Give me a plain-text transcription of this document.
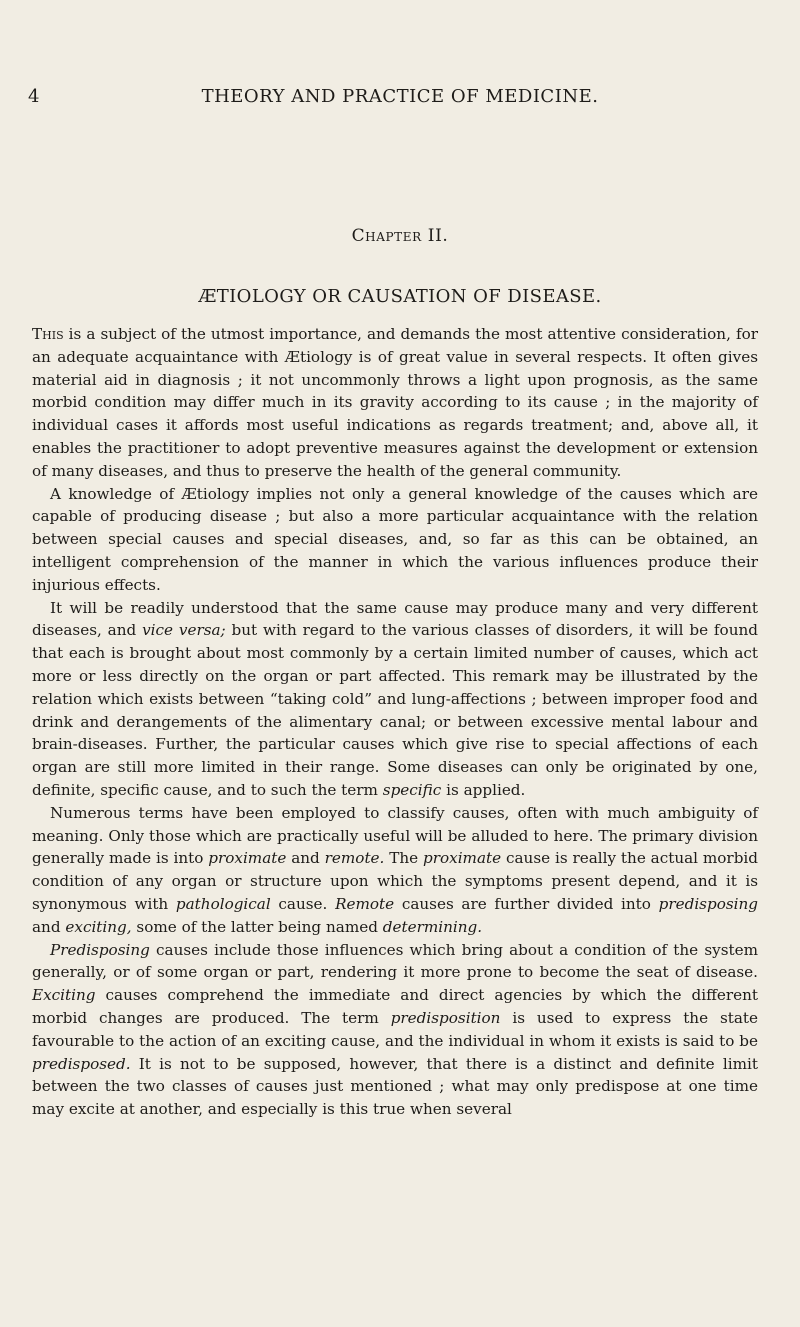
4	THEORY AND PRACTICE OF MEDICINE.
Chapter II.
ÆTIOLOGY OR CAUSATION OF DISEASE.

This is a subject of the utmost importance, and demands the most attentive consideration, for an adequate acquaintance with Ætiology is of great value in several respects. It often gives material aid in diagnosis ; it not uncommonly throws a light upon prognosis, as the same morbid condition may differ much in its gravity according to its cause ; in the majority of individual cases it affords most useful indications as regards treatment; and, above all, it enables the practitioner to adopt preventive measures against the development or extension of many diseases, and thus to preserve the health of the general community.

A knowledge of Ætiology implies not only a general knowledge of the causes which are capable of producing disease ; but also a more particular acquaintance with the relation between special causes and special diseases, and, so far as this can be obtained, an intelligent comprehension of the manner in which the various influences produce their injurious effects.

It will be readily understood that the same cause may produce many and very different diseases, and vice versa; but with regard to the various classes of disorders, it will be found that each is brought about most commonly by a certain limited number of causes, which act more or less directly on the organ or part affected. This remark may be illustrated by the relation which exists between “taking cold” and lung-affections ; between improper food and drink and derangements of the alimentary canal; or between excessive mental labour and brain-diseases. Further, the particular causes which give rise to special affections of each organ are still more limited in their range. Some diseases can only be originated by one, definite, specific cause, and to such the term specific is applied.

Numerous terms have been employed to classify causes, often with much ambiguity of meaning. Only those which are practically useful will be alluded to here. The primary division generally made is into proximate and remote. The proximate cause is really the actual morbid condition of any organ or structure upon which the symptoms present depend, and it is synonymous with pathological cause. Remote causes are further divided into predisposing and exciting, some of the latter being named determining.

Predisposing causes include those influences which bring about a condition of the system generally, or of some organ or part, rendering it more prone to become the seat of disease. Exciting causes comprehend the immediate and direct agencies by which the different morbid changes are produced. The term predisposition is used to express the state favourable to the action of an exciting cause, and the individual in whom it exists is said to be predisposed. It is not to be supposed, however, that there is a distinct and definite limit between the two classes of causes just mentioned ; what may only predispose at one time may excite at another, and especially is this true when several
